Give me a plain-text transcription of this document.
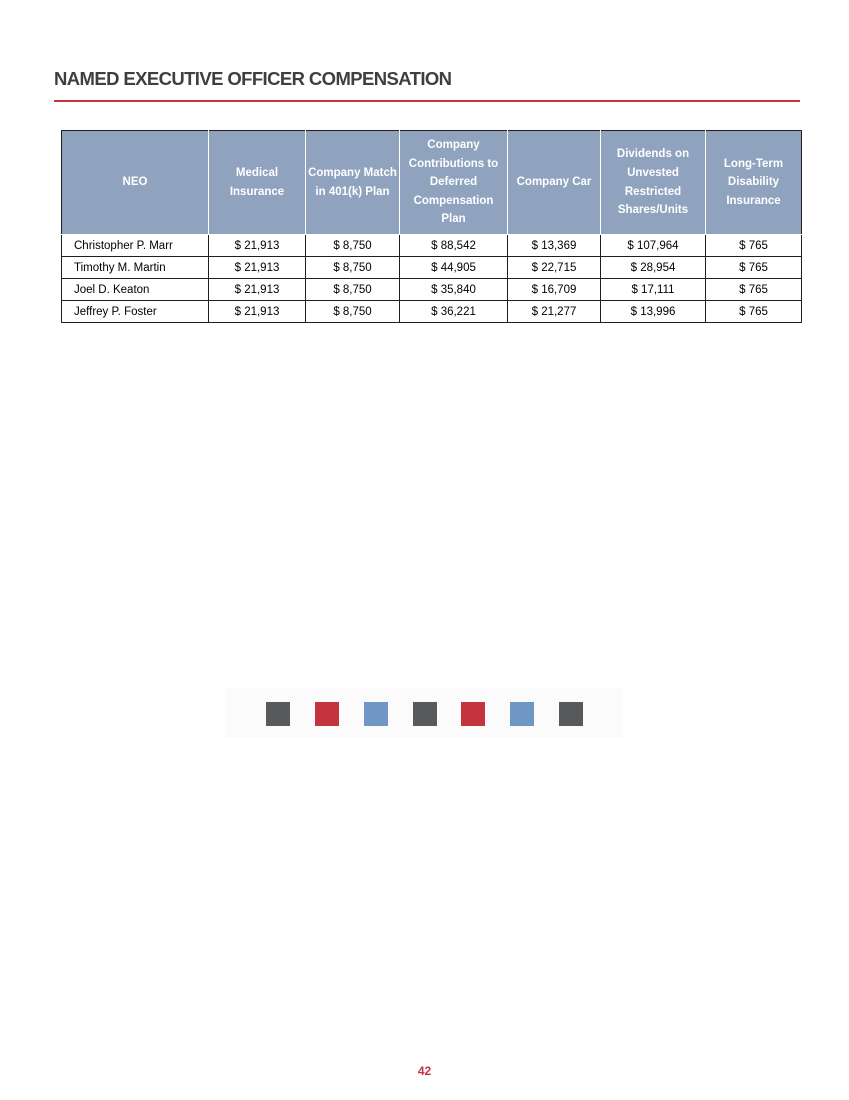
NAMED EXECUTIVE OFFICER COMPENSATION
NEO	Medical Insurance	Company Match in 401(k) Plan	Company Contributions to Deferred Compensation Plan	Company Car	Dividends on Unvested Restricted Shares/Units	Long-Term Disability Insurance
Christopher P. Marr	$ 21,913	$ 8,750	$ 88,542	$ 13,369	$ 107,964	$ 765
Timothy M. Martin	$ 21,913	$ 8,750	$ 44,905	$ 22,715	$ 28,954	$ 765
Joel D. Keaton	$ 21,913	$ 8,750	$ 35,840	$ 16,709	$ 17,111	$ 765
Jeffrey P. Foster	$ 21,913	$ 8,750	$ 36,221	$ 21,277	$ 13,996	$ 765
42
